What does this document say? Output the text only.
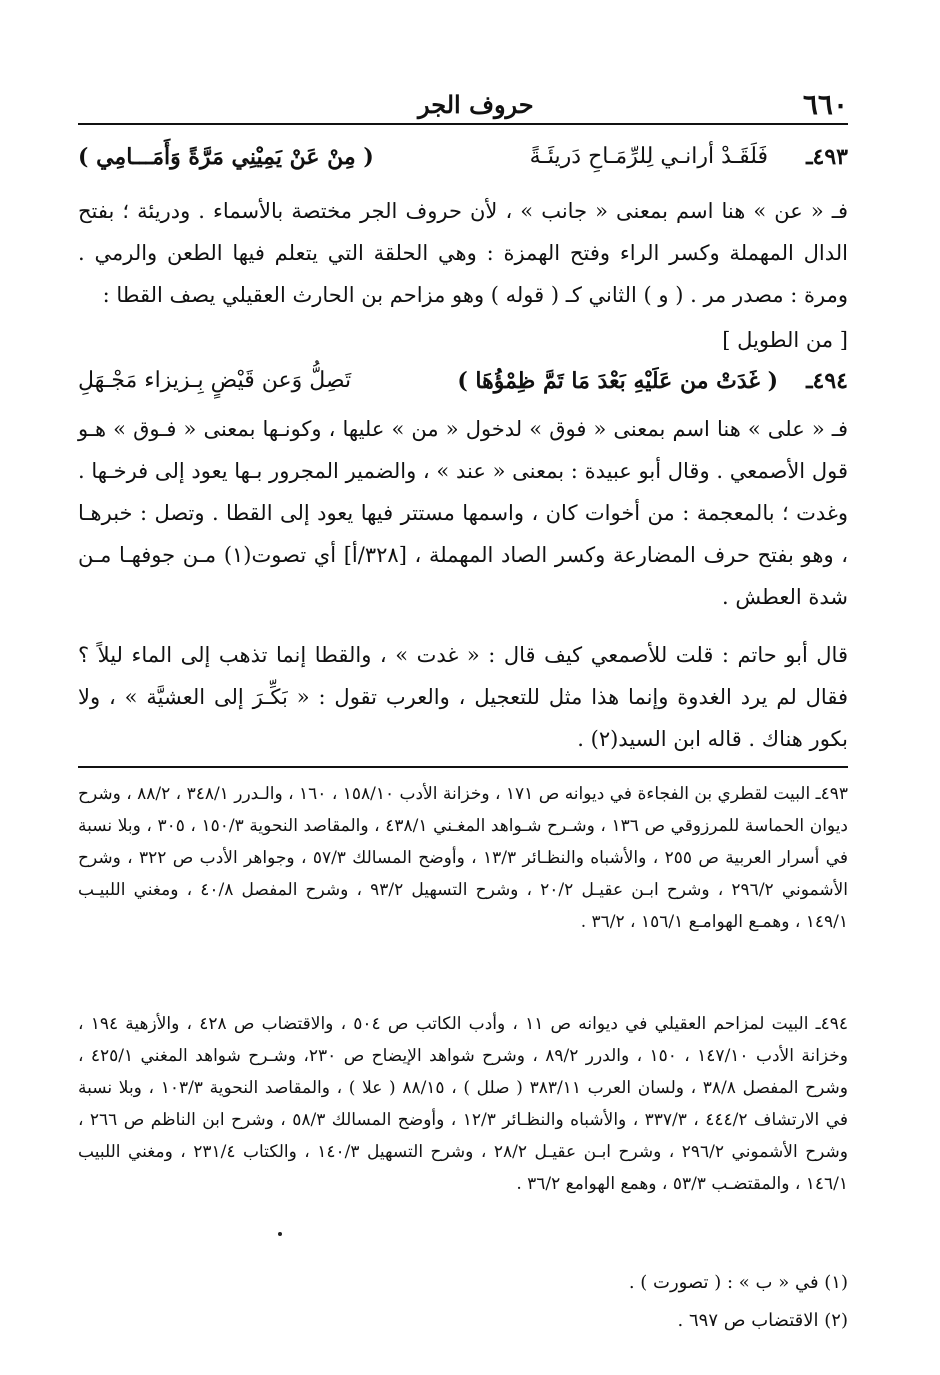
٦٦٠
حروف الجر
٤٩٣ـ
فَلَقَـدْ أرانـي لِلرِّمَـاحِ دَريئَـةً
( مِنْ عَنْ يَمِيْنِي مَرَّةً وَأَمَـــامِي )
فـ « عن » هنا اسم بمعنى « جانب » ، لأن حروف الجر مختصة بالأسماء . ودريئة ؛ بفتح الدال المهملة وكسر الراء وفتح الهمزة : وهي الحلقة التي يتعلم فيها الطعن والرمي . ومرة : مصدر مر . ( و ) الثاني كـ ( قوله ) وهو مزاحم بن الحارث العقيلي يصف القطا :
[ من الطويل ]
٤٩٤ـ
( غَدَتْ من عَلَيْهِ بَعْدَ مَا تَمَّ ظِمْؤُهَا )
تَصِلُّ وَعن قَيْضٍ بِـزيزاء مَجْـهَلِ
فـ « على » هنا اسم بمعنى « فوق » لدخول « من » عليها ، وكونـها بمعنى « فـوق » هـو قول الأصمعي . وقال أبو عبيدة : بمعنى « عند » ، والضمير المجرور بـها يعود إلى فرخـها . وغدت ؛ بالمعجمة : من أخوات كان ، واسمها مستتر فيها يعود إلى القطا . وتصل : خبرهـا ، وهو بفتح حرف المضارعة وكسر الصاد المهملة ، [٣٢٨/أ] أي تصوت(١) مـن جوفهـا مـن شدة العطش .
قال أبو حاتم : قلت للأصمعي كيف قال : « غدت » ، والقطا إنما تذهب إلى الماء ليلاً ؟ فقال لم يرد الغدوة وإنما هذا مثل للتعجيل ، والعرب تقول : « بَكِّـرَ إلى العشيَّة » ، ولا بكور هناك . قاله ابن السيد(٢) .
٤٩٣ـ البيت لقطري بن الفجاءة في ديوانه ص ١٧١ ، وخزانة الأدب ١٥٨/١٠ ، ١٦٠ ، والـدرر ٣٤٨/١ ، ٨٨/٢ ، وشرح ديوان الحماسة للمرزوقي ص ١٣٦ ، وشـرح شـواهد المغـني ٤٣٨/١ ، والمقاصد النحوية ١٥٠/٣ ، ٣٠٥ ، وبلا نسبة في أسرار العربية ص ٢٥٥ ، والأشباه والنظـائر ١٣/٣ ، وأوضح المسالك ٥٧/٣ ، وجواهر الأدب ص ٣٢٢ ، وشرح الأشموني ٢٩٦/٢ ، وشرح ابـن عقيـل ٢٠/٢ ، وشرح التسهيل ٩٣/٢ ، وشرح المفصل ٤٠/٨ ، ومغني اللبيـب ١٤٩/١ ، وهمـع الهوامـع ١٥٦/١ ، ٣٦/٢ .
٤٩٤ـ البيت لمزاحم العقيلي في ديوانه ص ١١ ، وأدب الكاتب ص ٥٠٤ ، والاقتضاب ص ٤٢٨ ، والأزهية ١٩٤ ، وخزانة الأدب ١٤٧/١٠ ، ١٥٠ ، والدرر ٨٩/٢ ، وشرح شواهد الإيضاح ص ٢٣٠، وشـرح شواهد المغني ٤٢٥/١ ، وشرح المفصل ٣٨/٨ ، ولسان العرب ٣٨٣/١١ ( صلل ) ، ٨٨/١٥ ( علا ) ، والمقاصد النحوية ١٠٣/٣ ، وبلا نسبة في الارتشاف ٤٤٤/٢ ، ٣٣٧/٣ ، والأشباه والنظـائر ١٢/٣ ، وأوضح المسالك ٥٨/٣ ، وشرح ابن الناظم ص ٢٦٦ ، وشرح الأشموني ٢٩٦/٢ ، وشرح ابـن عقيـل ٢٨/٢ ، وشرح التسهيل ١٤٠/٣ ، والكتاب ٢٣١/٤ ، ومغني اللبيب ١٤٦/١ ، والمقتضـب ٥٣/٣ ، وهمع الهوامع ٣٦/٢ .
(١) في « ب » : ( تصورت ) .
(٢) الاقتضاب ص ٦٩٧ .
